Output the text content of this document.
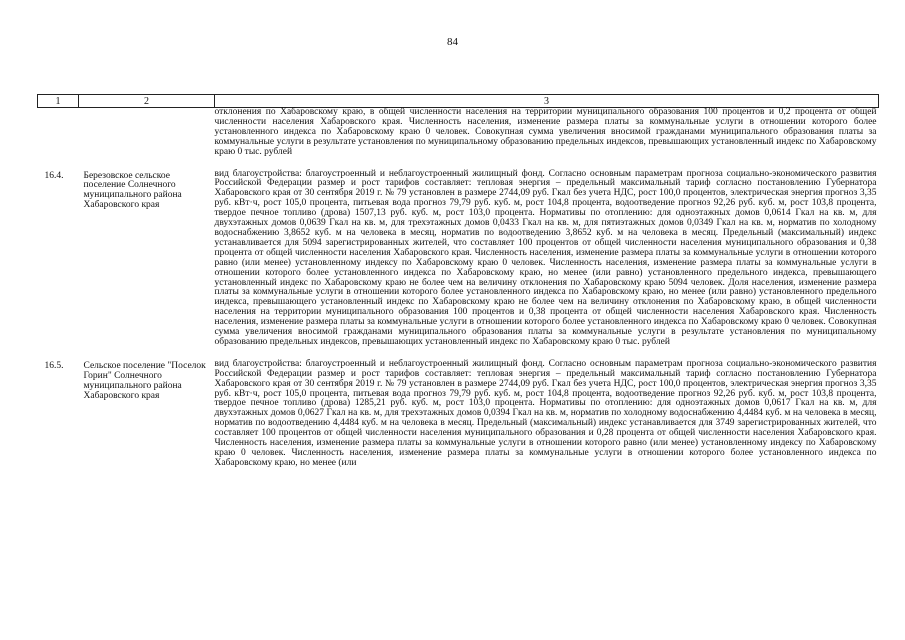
84
1	2	3
		отклонения по Хабаровскому краю, в общей численности населения на территории муниципального образования 100 процентов и 0,2 процента от общей численности населения Хабаровского края. Численность населения, изменение размера платы за коммунальные услуги в отношении которого более установленного индекса по Хабаровскому краю 0 человек. Совокупная сумма увеличения вносимой гражданами муниципального образования платы за коммунальные услуги в результате установления по муниципальному образованию предельных индексов, превышающих установленный индекс по Хабаровскому краю 0 тыс. рублей

16.4.	Березовское сельское поселение Солнечного муниципального района Хабаровского края	вид благоустройства: благоустроенный и неблагоустроенный жилищный фонд. Согласно основным параметрам прогноза социально-экономического развития Российской Федерации размер и рост тарифов составляет: тепловая энергия – предельный максимальный тариф согласно постановлению Губернатора Хабаровского края от 30 сентября 2019 г. № 79 установлен в размере 2744,09 руб. Гкал без учета НДС, рост 100,0 процентов, электрическая энергия прогноз 3,35 руб. кВт·ч, рост 105,0 процента, питьевая вода прогноз 79,79 руб. куб. м, рост 104,8 процента, водоотведение прогноз 92,26 руб. куб. м, рост 103,8 процента, твердое печное топливо (дрова) 1507,13 руб. куб. м, рост 103,0 процента. Нормативы по отоплению: для одноэтажных домов 0,0614 Гкал на кв. м, для двухэтажных домов 0,0639 Гкал на кв. м, для трехэтажных домов 0,0433 Гкал на кв. м, для пятиэтажных домов 0,0349 Гкал на кв. м, норматив по холодному водоснабжению 3,8652 куб. м на человека в месяц, норматив по водоотведению 3,8652 куб. м на человека в месяц. Предельный (максимальный) индекс устанавливается для 5094 зарегистрированных жителей, что составляет 100 процентов от общей численности населения муниципального образования и 0,38 процента от общей численности населения Хабаровского края. Численность населения, изменение размера платы за коммунальные услуги в отношении которого равно (или менее) установленному индексу по Хабаровскому краю 0 человек. Численность населения, изменение размера платы за коммунальные услуги в отношении которого более установленного индекса по Хабаровскому краю, но менее (или равно) установленного предельного индекса, превышающего установленный индекс по Хабаровскому краю не более чем на величину отклонения по Хабаровскому краю 5094 человек. Доля населения, изменение размера платы за коммунальные услуги в отношении которого более установленного индекса по Хабаровскому краю, но менее (или равно) установленного предельного индекса, превышающего установленный индекс по Хабаровскому краю не более чем на величину отклонения по Хабаровскому краю, в общей численности населения на территории муниципального образования 100 процентов и 0,38 процента от общей численности населения Хабаровского края. Численность населения, изменение размера платы за коммунальные услуги в отношении которого более установленного индекса по Хабаровскому краю 0 человек. Совокупная сумма увеличения вносимой гражданами муниципального образования платы за коммунальные услуги в результате установления по муниципальному образованию предельных индексов, превышающих установленный индекс по Хабаровскому краю 0 тыс. рублей

16.5.	Сельское поселение "Поселок Горин" Солнечного муниципального района Хабаровского края	вид благоустройства: благоустроенный и неблагоустроенный жилищный фонд. Согласно основным параметрам прогноза социально-экономического развития Российской Федерации размер и рост тарифов составляет: тепловая энергия – предельный максимальный тариф согласно постановлению Губернатора Хабаровского края от 30 сентября 2019 г. № 79 установлен в размере 2744,09 руб. Гкал без учета НДС, рост 100,0 процентов, электрическая энергия прогноз 3,35 руб. кВт·ч, рост 105,0 процента, питьевая вода прогноз 79,79 руб. куб. м, рост 104,8 процента, водоотведение прогноз 92,26 руб. куб. м, рост 103,8 процента, твердое печное топливо (дрова) 1285,21 руб. куб. м, рост 103,0 процента. Нормативы по отоплению: для одноэтажных домов 0,0617 Гкал на кв. м, для двухэтажных домов 0,0627 Гкал на кв. м, для трехэтажных домов 0,0394 Гкал на кв. м, норматив по холодному водоснабжению 4,4484 куб. м на человека в месяц, норматив по водоотведению 4,4484 куб. м на человека в месяц. Предельный (максимальный) индекс устанавливается для 3749 зарегистрированных жителей, что составляет 100 процентов от общей численности населения муниципального образования и 0,28 процента от общей численности населения Хабаровского края. Численность населения, изменение размера платы за коммунальные услуги в отношении которого равно (или менее) установленному индексу по Хабаровскому краю 0 человек. Численность населения, изменение размера платы за коммунальные услуги в отношении которого более установленного индекса по Хабаровскому краю, но менее (или
